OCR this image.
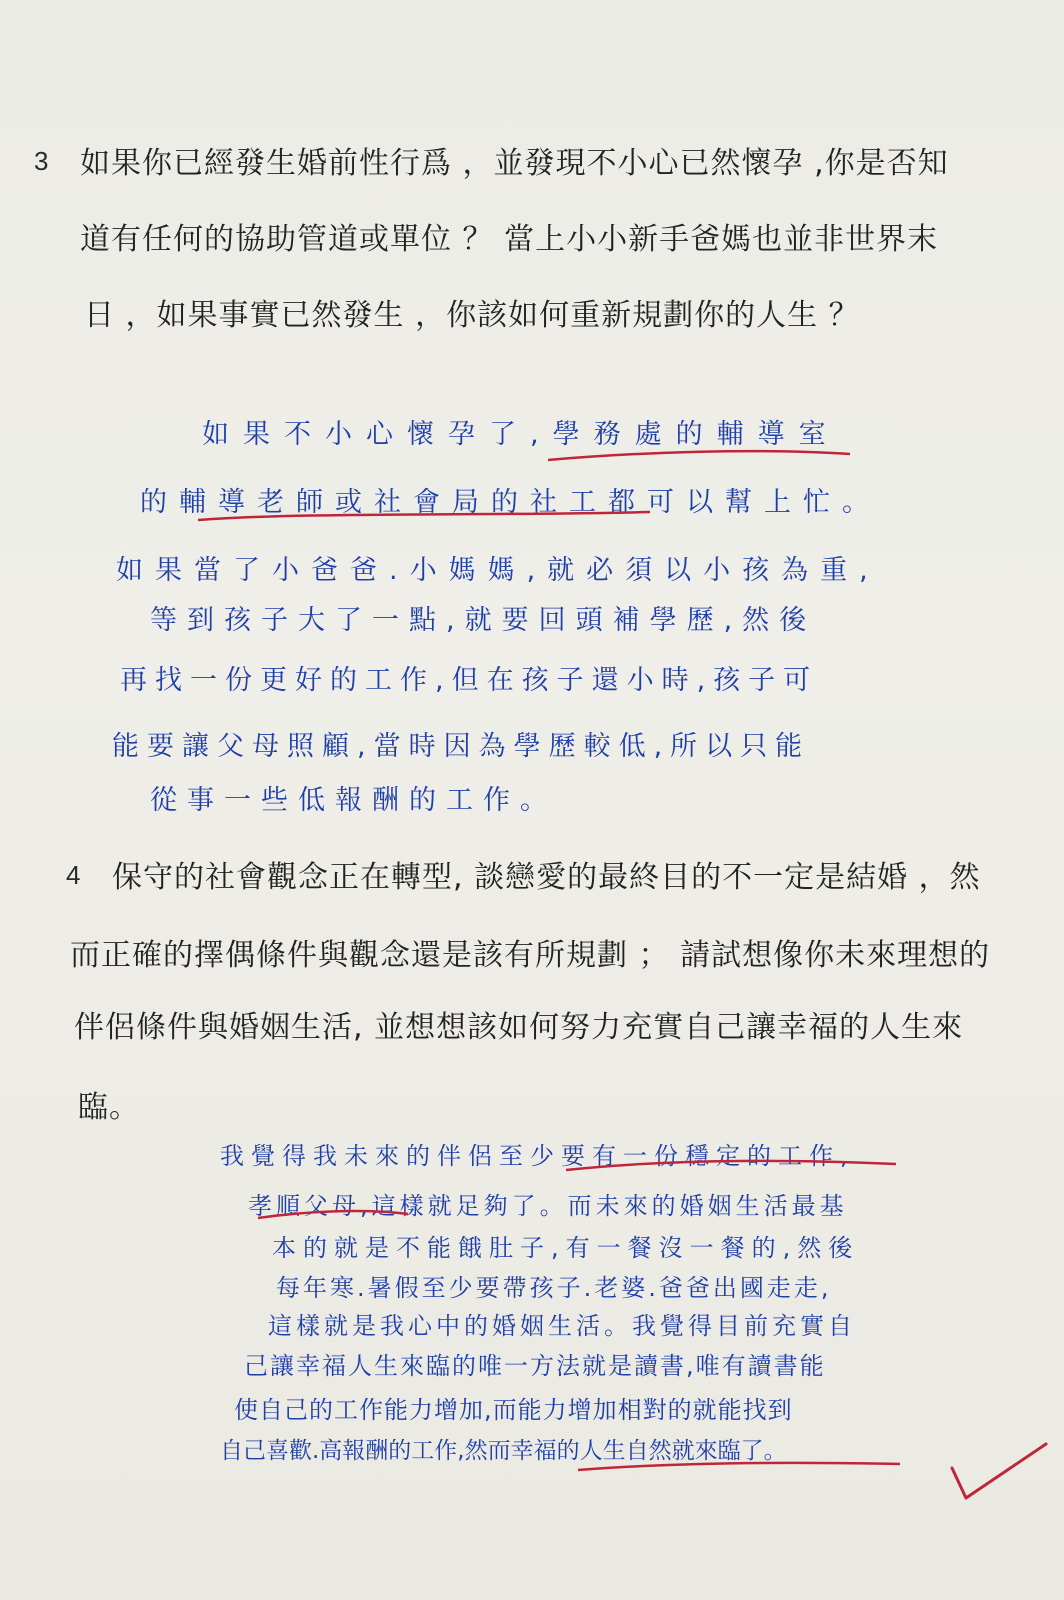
3 如果你已經發生婚前性行爲 ，並發現不小心已然懷孕 ,你是否知
道有任何的協助管道或單位 ？ 當上小小新手爸媽也並非世界末
日 ，如果事實已然發生 ，你該如何重新規劃你的人生 ？
如果不小心懷孕了,學務處的輔導室
的輔導老師或社會局的社工都可以幫上忙。
如果當了小爸爸.小媽媽,就必須以小孩為重,
等到孩子大了一點,就要回頭補學歷,然後
再找一份更好的工作,但在孩子還小時,孩子可
能要讓父母照顧,當時因為學歷較低,所以只能
從事一些低報酬的工作。
4 保守的社會觀念正在轉型, 談戀愛的最終目的不一定是結婚 ，然
而正確的擇偶條件與觀念還是該有所規劃 ； 請試想像你未來理想的
伴侶條件與婚姻生活, 並想想該如何努力充實自己讓幸福的人生來
臨。
我覺得我未來的伴侶至少要有一份穩定的工作,
孝順父母,這樣就足夠了。而未來的婚姻生活最基
本的就是不能餓肚子,有一餐沒一餐的,然後
每年寒.暑假至少要帶孩子.老婆.爸爸出國走走,
這樣就是我心中的婚姻生活。我覺得目前充實自
己讓幸福人生來臨的唯一方法就是讀書,唯有讀書能
使自己的工作能力增加,而能力增加相對的就能找到
自己喜歡.高報酬的工作,然而幸福的人生自然就來臨了。
